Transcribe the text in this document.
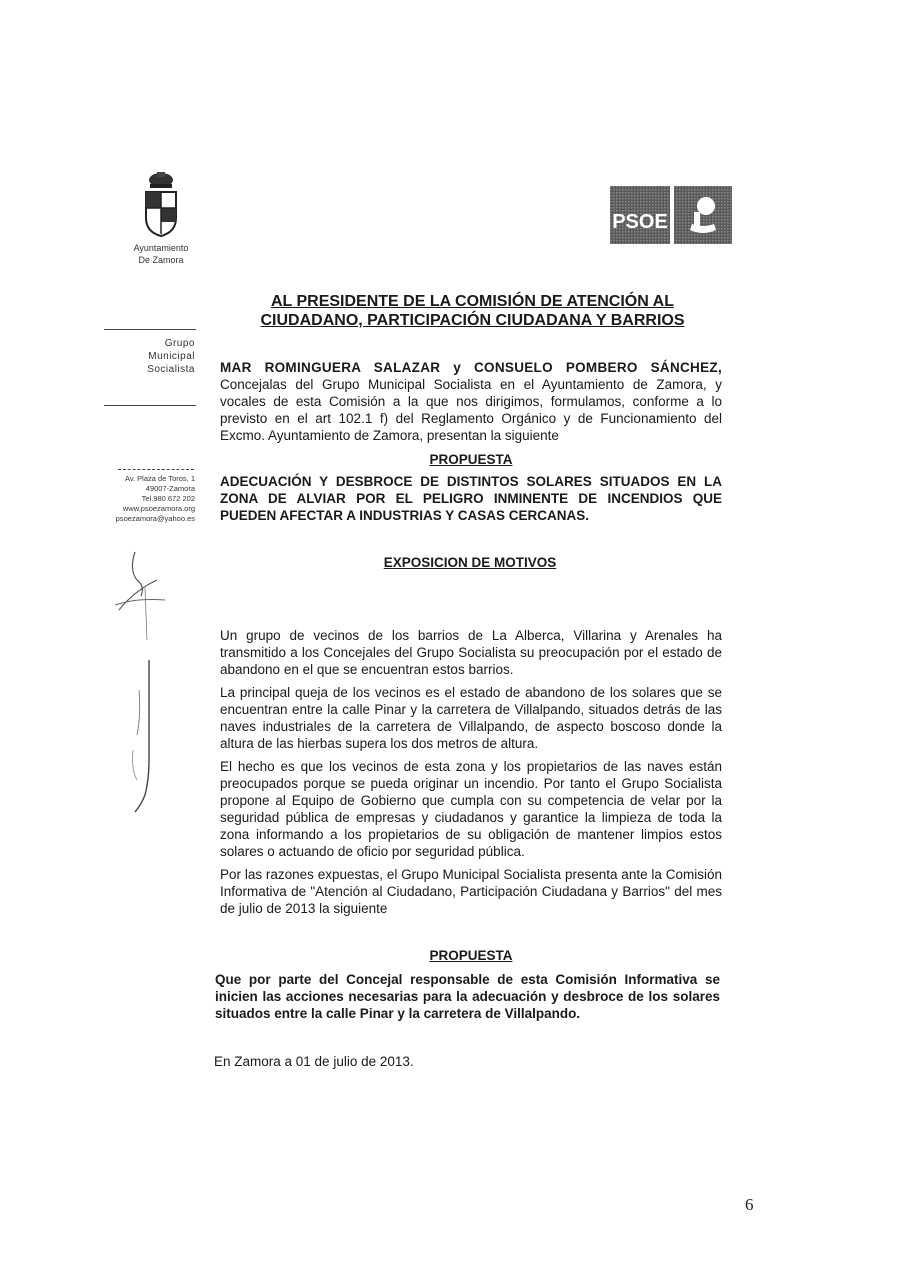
Ayuntamiento
De Zamora
PSOE
Grupo
Municipal
Socialista
Av. Plaza de Toros, 1
49007-Zamora
Tel.980 672 202
www.psoezamora.org
psoezamora@yahoo.es
AL PRESIDENTE DE LA COMISIÓN DE ATENCIÓN AL
CIUDADANO, PARTICIPACIÓN CIUDADANA Y BARRIOS
MAR ROMINGUERA SALAZAR y CONSUELO POMBERO SÁNCHEZ, Concejalas del Grupo Municipal Socialista en el Ayuntamiento de Zamora, y vocales de esta Comisión a la que nos dirigimos, formulamos, conforme a lo previsto en el art 102.1 f) del Reglamento Orgánico y de Funcionamiento del Excmo. Ayuntamiento de Zamora, presentan la siguiente
PROPUESTA
ADECUACIÓN Y DESBROCE DE DISTINTOS SOLARES SITUADOS EN LA ZONA DE ALVIAR POR EL PELIGRO INMINENTE DE INCENDIOS QUE PUEDEN AFECTAR A INDUSTRIAS Y CASAS CERCANAS.
EXPOSICION DE MOTIVOS
Un grupo de vecinos de los barrios de La Alberca, Villarina y Arenales ha transmitido a los Concejales del Grupo Socialista su preocupación por el estado de abandono en el que se encuentran estos barrios.
La principal queja de los vecinos es el estado de abandono de los solares que se encuentran entre la calle Pinar y la carretera de Villalpando, situados detrás de las naves industriales de la carretera de Villalpando, de aspecto boscoso donde la altura de las hierbas supera los dos metros de altura.
El hecho es que los vecinos de esta zona y los propietarios de las naves están preocupados porque se pueda originar un incendio. Por tanto el Grupo Socialista propone al Equipo de Gobierno que cumpla con su competencia de velar por la seguridad pública de empresas y ciudadanos y garantice la limpieza de toda la zona informando a los propietarios de su obligación de mantener limpios estos solares o actuando de oficio por seguridad pública.
Por las razones expuestas, el Grupo Municipal Socialista presenta ante la Comisión Informativa de "Atención al Ciudadano, Participación Ciudadana y Barrios" del mes de julio de 2013 la siguiente
PROPUESTA
Que por parte del Concejal responsable de esta Comisión Informativa se inicien las acciones necesarias para la adecuación y desbroce de los solares situados entre la calle Pinar y la carretera de Villalpando.
En Zamora a 01 de julio de 2013.
6
